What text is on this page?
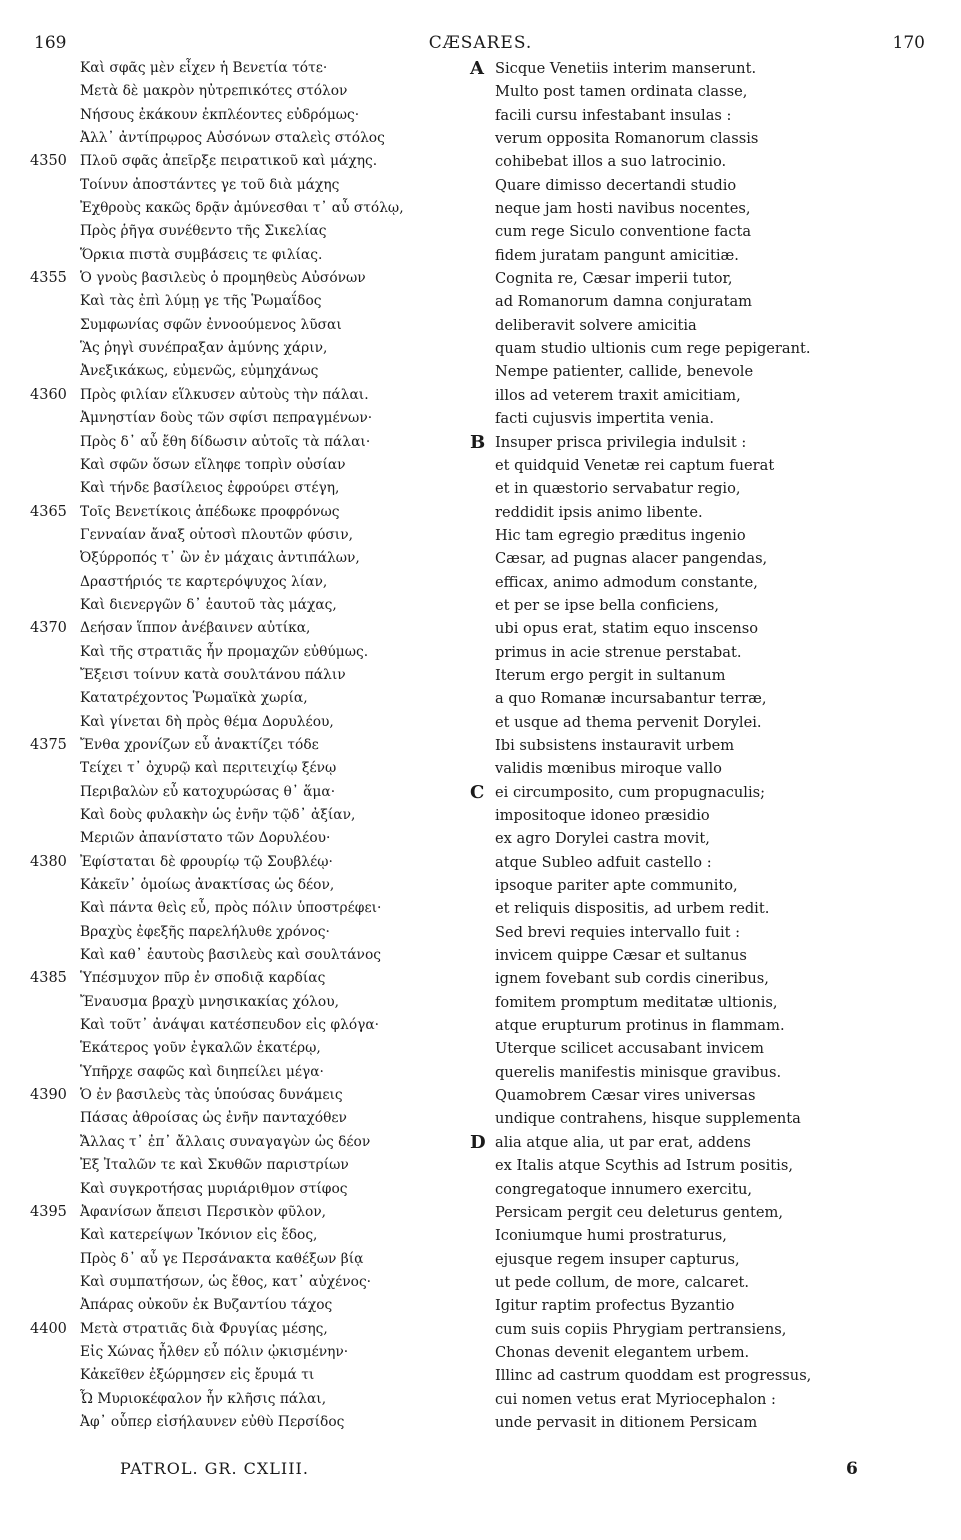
169	CÆSARES.	170
Καὶ σφᾶς μὲν εἶχεν ἡ Βενετία τότε·
Μετὰ δὲ μακρὸν ηὐτρεπικότες στόλον
Νήσους ἐκάκουν ἐκπλέοντες εὐδρόμως·
Ἀλλ᾽ ἀντίπρῳρος Αὐσόνων σταλεὶς στόλος
4350 Πλοῦ σφᾶς ἀπεῖρξε πειρατικοῦ καὶ μάχης.
Τοίνυν ἀποστάντες γε τοῦ διὰ μάχης
Ἐχθροὺς κακῶς δρᾷν ἀμύνεσθαι τ᾽ αὖ στόλῳ,
Πρὸς ῥῆγα συνέθεντο τῆς Σικελίας
Ὅρκια πιστὰ συμβάσεις τε φιλίας.
4355 Ὁ γνοὺς βασιλεὺς ὁ προμηθεὺς Αὐσόνων
Καὶ τὰς ἐπὶ λύμῃ γε τῆς Ῥωμαΐδος
Συμφωνίας σφῶν ἐννοούμενος λῦσαι
Ἃς ῥηγὶ συνέπραξαν ἀμύνης χάριν,
Ἀνεξικάκως, εὐμενῶς, εὐμηχάνως
4360 Πρὸς φιλίαν εἵλκυσεν αὐτοὺς τὴν πάλαι.
Ἀμνηστίαν δοὺς τῶν σφίσι πεπραγμένων·
Πρὸς δ᾽ αὖ ἔθη δίδωσιν αὐτοῖς τὰ πάλαι·
Καὶ σφῶν ὅσων εἴληφε τοπρὶν οὐσίαν
Καὶ τήνδε βασίλειος ἐφρούρει στέγη,
4365 Τοῖς Βενετίκοις ἀπέδωκε προφρόνως
Γενναίαν ἄναξ οὑτοσὶ πλουτῶν φύσιν,
Ὀξύρροπός τ᾽ ὢν ἐν μάχαις ἀντιπάλων,
Δραστήριός τε καρτερόψυχος λίαν,
Καὶ διενεργῶν δ᾽ ἑαυτοῦ τὰς μάχας,
4370 Δεήσαν ἵππον ἀνέβαινεν αὐτίκα,
Καὶ τῆς στρατιᾶς ἦν προμαχῶν εὐθύμως.
Ἔξεισι τοίνυν κατὰ σουλτάνου πάλιν
Κατατρέχοντος Ῥωμαϊκὰ χωρία,
Καὶ γίνεται δὴ πρὸς θέμα Δορυλέου,
4375 Ἔνθα χρονίζων εὖ ἀνακτίζει τόδε
Τείχει τ᾽ ὀχυρῷ καὶ περιτειχίῳ ξένῳ
Περιβαλὼν εὖ κατοχυρώσας θ᾽ ἅμα·
Καὶ δοὺς φυλακὴν ὡς ἐνῆν τῷδ᾽ ἀξίαν,
Μεριῶν ἀπανίστατο τῶν Δορυλέου·
4380 Ἐφίσταται δὲ φρουρίῳ τῷ Σουβλέῳ·
Κἀκεῖν᾽ ὁμοίως ἀνακτίσας ὡς δέον,
Καὶ πάντα θεὶς εὖ, πρὸς πόλιν ὑποστρέφει·
Βραχὺς ἐφεξῆς παρελήλυθε χρόνος·
Καὶ καθ᾽ ἑαυτοὺς βασιλεὺς καὶ σουλτάνος
4385 Ὑπέσμυχον πῦρ ἐν σποδιᾷ καρδίας
Ἔναυσμα βραχὺ μνησικακίας χόλου,
Καὶ τοῦτ᾽ ἀνάψαι κατέσπευδον εἰς φλόγα·
Ἑκάτερος γοῦν ἐγκαλῶν ἑκατέρῳ,
Ὑπῆρχε σαφῶς καὶ διηπείλει μέγα·
4390 Ὁ ἐν βασιλεὺς τὰς ὑπούσας δυνάμεις
Πάσας ἀθροίσας ὡς ἐνῆν πανταχόθεν
Ἄλλας τ᾽ ἐπ᾽ ἄλλαις συναγαγὼν ὡς δέον
Ἐξ Ἰταλῶν τε καὶ Σκυθῶν παριστρίων
Καὶ συγκροτήσας μυριάριθμον στίφος
4395 Ἀφανίσων ἄπεισι Περσικὸν φῦλον,
Καὶ κατερείψων Ἰκόνιον εἰς ἔδος,
Πρὸς δ᾽ αὖ γε Περσάνακτα καθέξων βίᾳ
Καὶ συμπατήσων, ὡς ἔθος, κατ᾽ αὐχένος·
Ἀπάρας οὐκοῦν ἐκ Βυζαντίου τάχος
4400 Μετὰ στρατιᾶς διὰ Φρυγίας μέσης,
Εἰς Χώνας ἦλθεν εὖ πόλιν ᾠκισμένην·
Κἀκεῖθεν ἐξώρμησεν εἰς ἔρυμά τι
Ὦ Μυριοκέφαλον ἦν κλῆσις πάλαι,
Ἀφ᾽ οὗπερ εἰσήλαυνεν εὐθὺ Περσίδος
A Sicque Venetiis interim manserunt.
Multo post tamen ordinata classe,
facili cursu infestabant insulas :
verum opposita Romanorum classis
cohibebat illos a suo latrocinio.
Quare dimisso decertandi studio
neque jam hosti navibus nocentes,
cum rege Siculo conventione facta
fidem juratam pangunt amicitiæ.
Cognita re, Cæsar imperii tutor,
ad Romanorum damna conjuratam
deliberavit solvere amicitia
quam studio ultionis cum rege pepigerant.
Nempe patienter, callide, benevole
illos ad veterem traxit amicitiam,
facti cujusvis impertita venia.
B Insuper prisca privilegia indulsit :
et quidquid Venetæ rei captum fuerat
et in quæstorio servabatur regio,
reddidit ipsis animo libente.
Hic tam egregio præditus ingenio
Cæsar, ad pugnas alacer pangendas,
efficax, animo admodum constante,
et per se ipse bella conficiens,
ubi opus erat, statim equo inscenso
primus in acie strenue perstabat.
Iterum ergo pergit in sultanum
a quo Romanæ incursabantur terræ,
et usque ad thema pervenit Dorylei.
Ibi subsistens instauravit urbem
validis mœnibus miroque vallo
C ei circumposito, cum propugnaculis;
impositoque idoneo præsidio
ex agro Dorylei castra movit,
atque Subleo adfuit castello :
ipsoque pariter apte communito,
et reliquis dispositis, ad urbem redit.
Sed brevi requies intervallo fuit :
invicem quippe Cæsar et sultanus
ignem fovebant sub cordis cineribus,
fomitem promptum meditatæ ultionis,
atque erupturum protinus in flammam.
Uterque scilicet accusabant invicem
querelis manifestis minisque gravibus.
Quamobrem Cæsar vires universas
undique contrahens, hisque supplementa
D alia atque alia, ut par erat, addens
ex Italis atque Scythis ad Istrum positis,
congregatoque innumero exercitu,
Persicam pergit ceu deleturus gentem,
Iconiumque humi prostraturus,
ejusque regem insuper capturus,
ut pede collum, de more, calcaret.
Igitur raptim profectus Byzantio
cum suis copiis Phrygiam pertransiens,
Chonas devenit elegantem urbem.
Illinc ad castrum quoddam est progressus,
cui nomen vetus erat Myriocephalon :
unde pervasit in ditionem Persicam
PATROL. GR. CXLIII.	6
